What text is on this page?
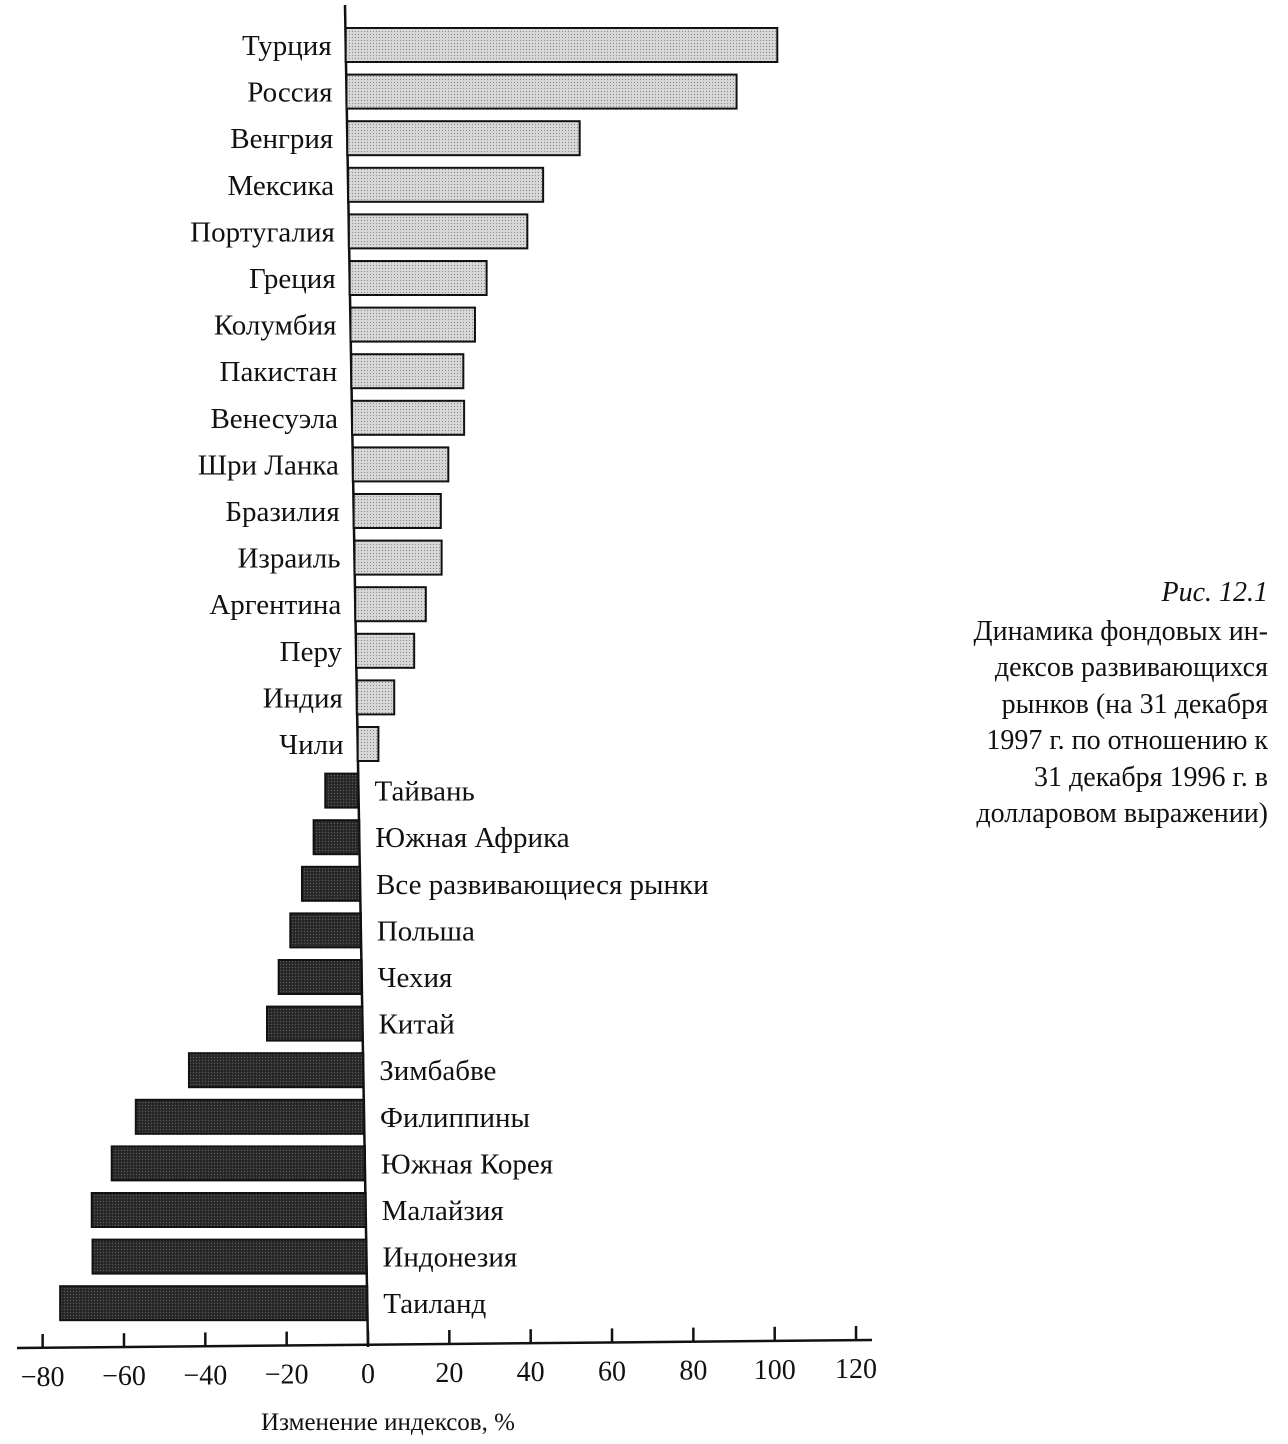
Турция
Россия
Венгрия
Мексика
Португалия
Греция
Колумбия
Пакистан
Венесуэла
Шри Ланка
Бразилия
Израиль
Аргентина
Перу
Индия
Чили
Тайвань
Южная Африка
Все развивающиеся рынки
Польша
Чехия
Китай
Зимбабве
Филиппины
Южная Корея
Малайзия
Индонезия
Таиланд
−80 −60 −40 −20 0 20 40 60 80 100 120
Изменение индексов, %
Рис. 12.1
Динамика фондовых ин-
дексов развивающихся
рынков (на 31 декабря
1997 г. по отношению к
31 декабря 1996 г. в
долларовом выражении)
